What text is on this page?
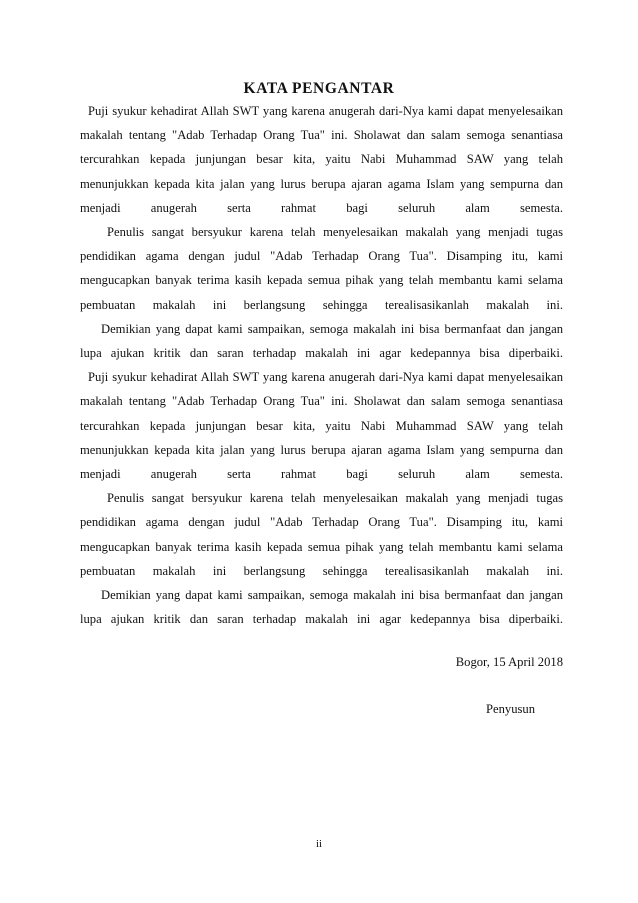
KATA PENGANTAR

Puji syukur kehadirat Allah SWT yang karena anugerah dari-Nya kami dapat menyelesaikan makalah tentang "Adab Terhadap Orang Tua" ini. Sholawat dan salam semoga senantiasa tercurahkan kepada junjungan besar kita, yaitu Nabi Muhammad SAW yang telah menunjukkan kepada kita jalan yang lurus berupa ajaran agama Islam yang sempurna dan menjadi anugerah serta rahmat bagi seluruh alam semesta.

Penulis sangat bersyukur karena telah menyelesaikan makalah yang menjadi tugas pendidikan agama dengan judul "Adab Terhadap Orang Tua". Disamping itu, kami mengucapkan banyak terima kasih kepada semua pihak yang telah membantu kami selama pembuatan makalah ini berlangsung sehingga terealisasikanlah makalah ini.

Demikian yang dapat kami sampaikan, semoga makalah ini bisa bermanfaat dan jangan lupa ajukan kritik dan saran terhadap makalah ini agar kedepannya bisa diperbaiki.

Puji syukur kehadirat Allah SWT yang karena anugerah dari-Nya kami dapat menyelesaikan makalah tentang "Adab Terhadap Orang Tua" ini. Sholawat dan salam semoga senantiasa tercurahkan kepada junjungan besar kita, yaitu Nabi Muhammad SAW yang telah menunjukkan kepada kita jalan yang lurus berupa ajaran agama Islam yang sempurna dan menjadi anugerah serta rahmat bagi seluruh alam semesta.

Penulis sangat bersyukur karena telah menyelesaikan makalah yang menjadi tugas pendidikan agama dengan judul "Adab Terhadap Orang Tua". Disamping itu, kami mengucapkan banyak terima kasih kepada semua pihak yang telah membantu kami selama pembuatan makalah ini berlangsung sehingga terealisasikanlah makalah ini.

Demikian yang dapat kami sampaikan, semoga makalah ini bisa bermanfaat dan jangan lupa ajukan kritik dan saran terhadap makalah ini agar kedepannya bisa diperbaiki.

Bogor, 15 April 2018
Penyusun
ii
